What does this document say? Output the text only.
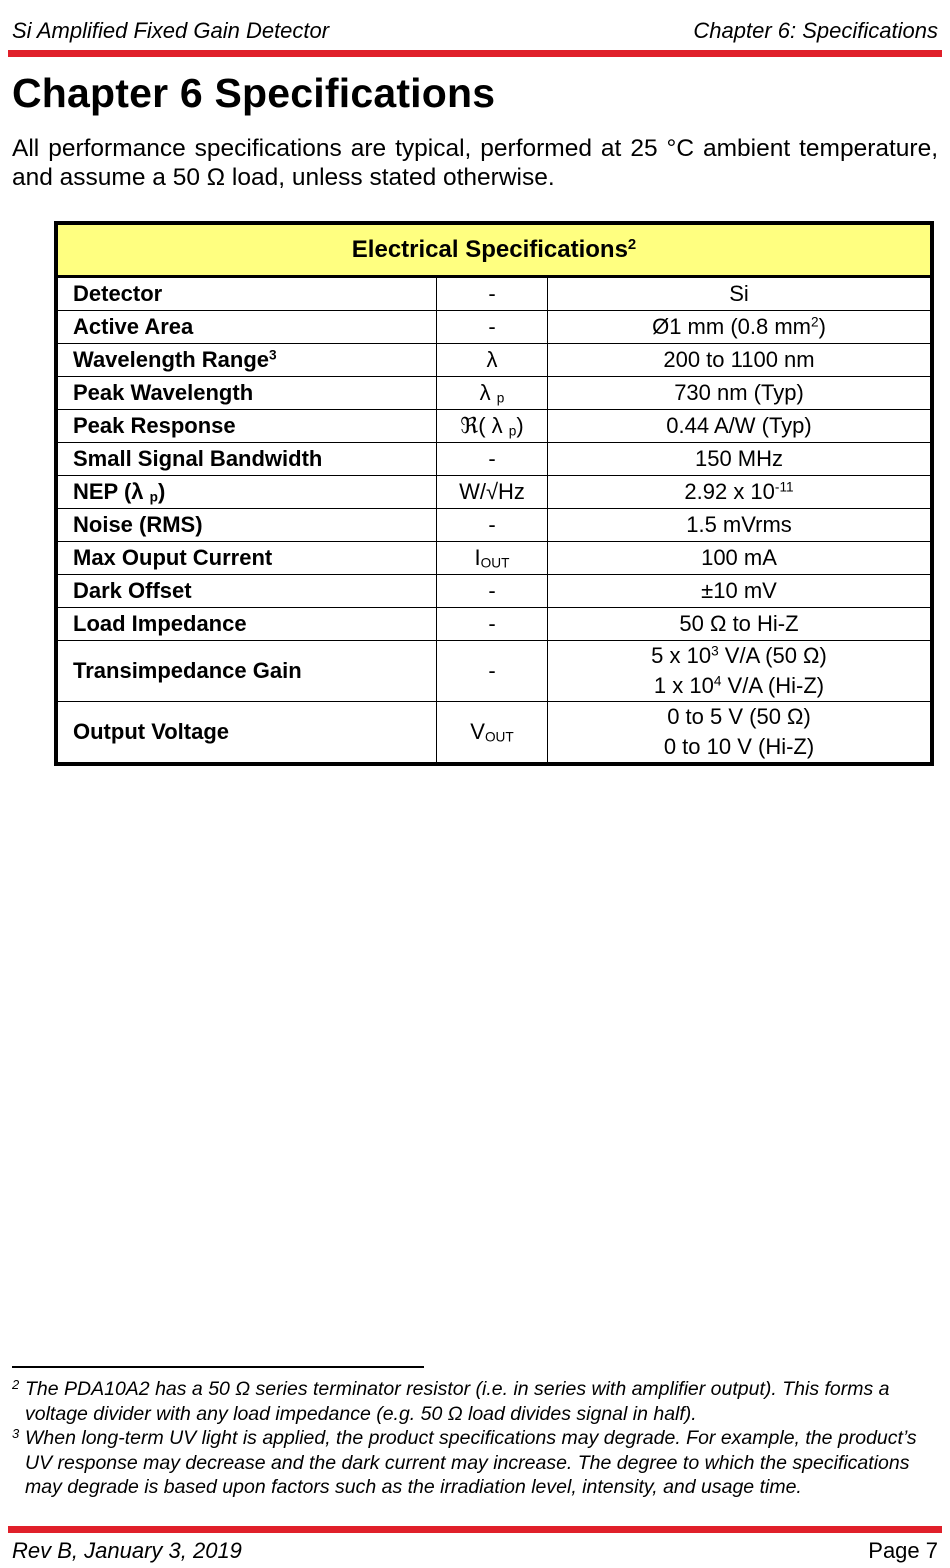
Si Amplified Fixed Gain Detector	Chapter 6: Specifications
Chapter 6 Specifications
All performance specifications are typical, performed at 25 °C ambient temperature, and assume a 50 Ω load, unless stated otherwise.
Electrical Specifications$^2$
Detector	-	Si
Active Area	-	Ø1 mm (0.8 $mm^2$)
Wavelength Range$^3$	λ	200 to 1100 nm
Peak Wavelength	λ $_p$	730 nm (Typ)
Peak Response	ℜ( λ $_p$)	0.44 A/W (Typ)
Small Signal Bandwidth	-	150 MHz
NEP (λ $_p$)	W/√Hz	2.92 x $10^{-11}$
Noise (RMS)	-	1.5 mVrms
Max Ouput Current	$I_{OUT}$	100 mA
Dark Offset	-	±10 mV
Load Impedance	-	50 Ω to Hi-Z
Transimpedance Gain	-	5 x $10^3$ V/A (50 Ω)
1 x $10^4$ V/A (Hi-Z)

Output Voltage	$V_{OUT}$	0 to 5 V (50 Ω)
0 to 10 V (Hi-Z)
2 The PDA10A2 has a 50 Ω series terminator resistor (i.e. in series with amplifier output). This forms a voltage divider with any load impedance (e.g. 50 Ω load divides signal in half).
3 When long-term UV light is applied, the product specifications may degrade. For example, the product’s UV response may decrease and the dark current may increase. The degree to which the specifications may degrade is based upon factors such as the irradiation level, intensity, and usage time.
Rev B, January 3, 2019	Page 7
